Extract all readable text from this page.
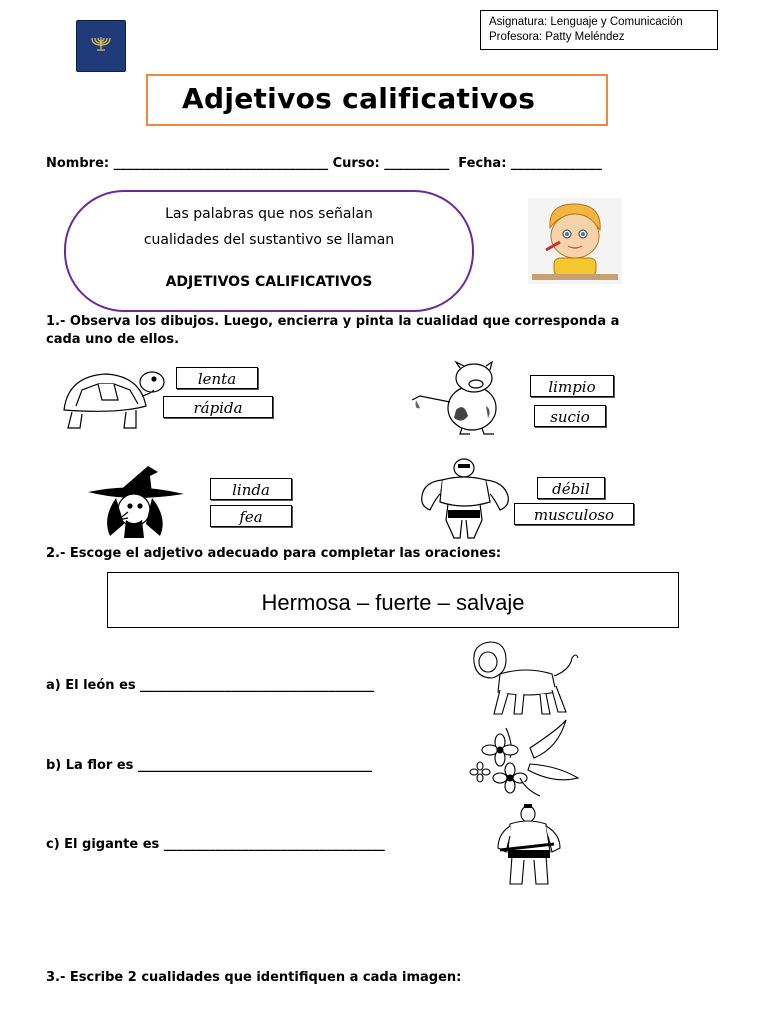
Asignatura: Lenguaje y Comunicación
Profesora: Patty Meléndez
Adjetivos calificativos
Nombre: _________________________________ Curso: __________  Fecha: ______________
Las palabras que nos señalan
cualidades del sustantivo se llaman
ADJETIVOS CALIFICATIVOS
1.- Observa los dibujos. Luego, encierra y pinta la cualidad que corresponda a
cada uno de ellos.
lenta
rápida
limpio
sucio
linda
fea
débil
musculoso
2.- Escoge el adjetivo adecuado para completar las oraciones:
Hermosa – fuerte – salvaje
a) El león es ____________________________________
b) La flor es ____________________________________
c) El gigante es __________________________________
3.- Escribe 2 cualidades que identifiquen a cada imagen:
